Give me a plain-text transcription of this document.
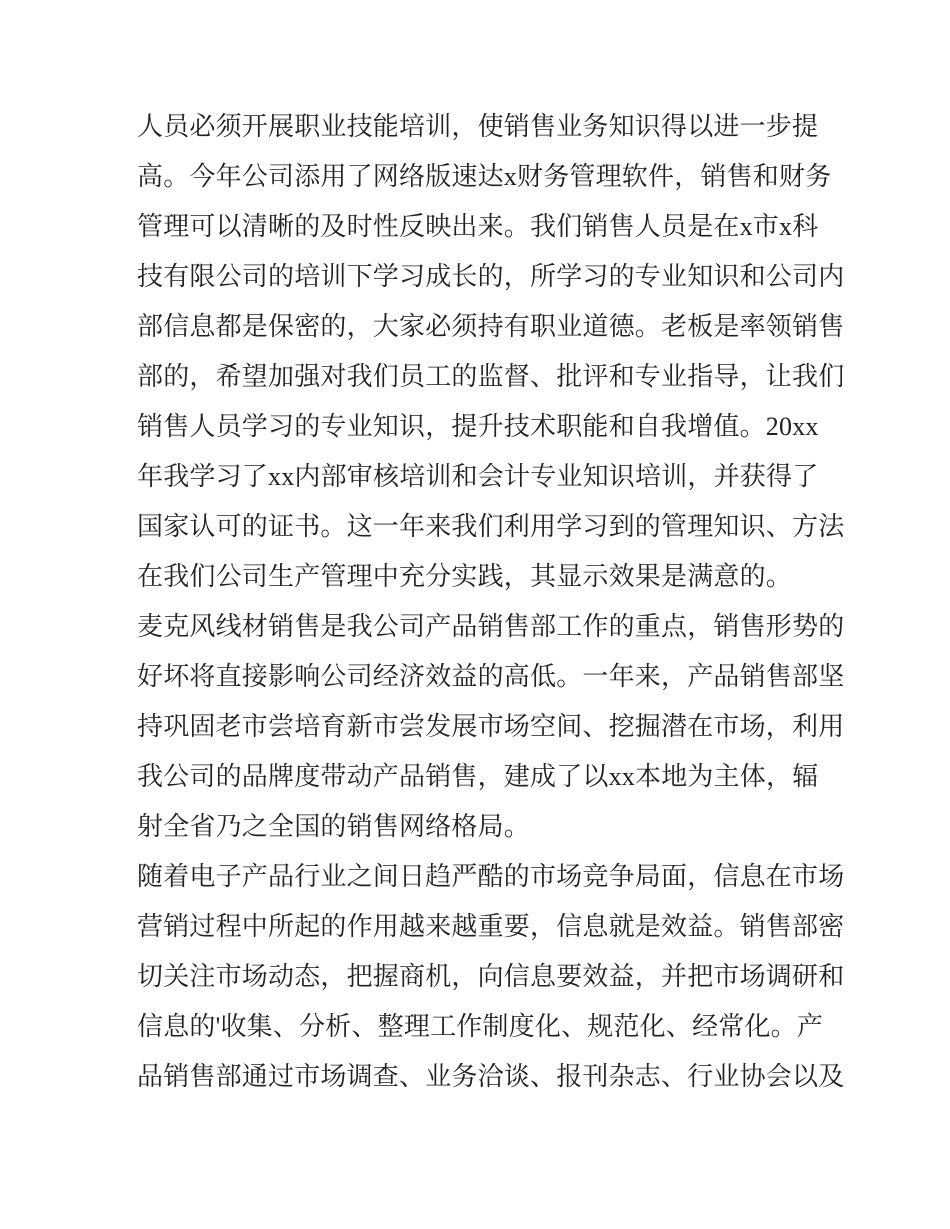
人员必须开展职业技能培训，使销售业务知识得以进一步提
高。今年公司添用了网络版速达x财务管理软件，销售和财务
管理可以清晰的及时性反映出来。我们销售人员是在x市x科
技有限公司的培训下学习成长的，所学习的专业知识和公司内
部信息都是保密的，大家必须持有职业道德。老板是率领销售
部的，希望加强对我们员工的监督、批评和专业指导，让我们
销售人员学习的专业知识，提升技术职能和自我增值。20xx
年我学习了xx内部审核培训和会计专业知识培训，并获得了
国家认可的证书。这一年来我们利用学习到的管理知识、方法
在我们公司生产管理中充分实践，其显示效果是满意的。
麦克风线材销售是我公司产品销售部工作的重点，销售形势的
好坏将直接影响公司经济效益的高低。一年来，产品销售部坚
持巩固老市尝培育新市尝发展市场空间、挖掘潜在市场，利用
我公司的品牌度带动产品销售，建成了以xx本地为主体，辐
射全省乃之全国的销售网络格局。
随着电子产品行业之间日趋严酷的市场竞争局面，信息在市场
营销过程中所起的作用越来越重要，信息就是效益。销售部密
切关注市场动态，把握商机，向信息要效益，并把市场调研和
信息的'收集、分析、整理工作制度化、规范化、经常化。产
品销售部通过市场调查、业务洽谈、报刊杂志、行业协会以及
